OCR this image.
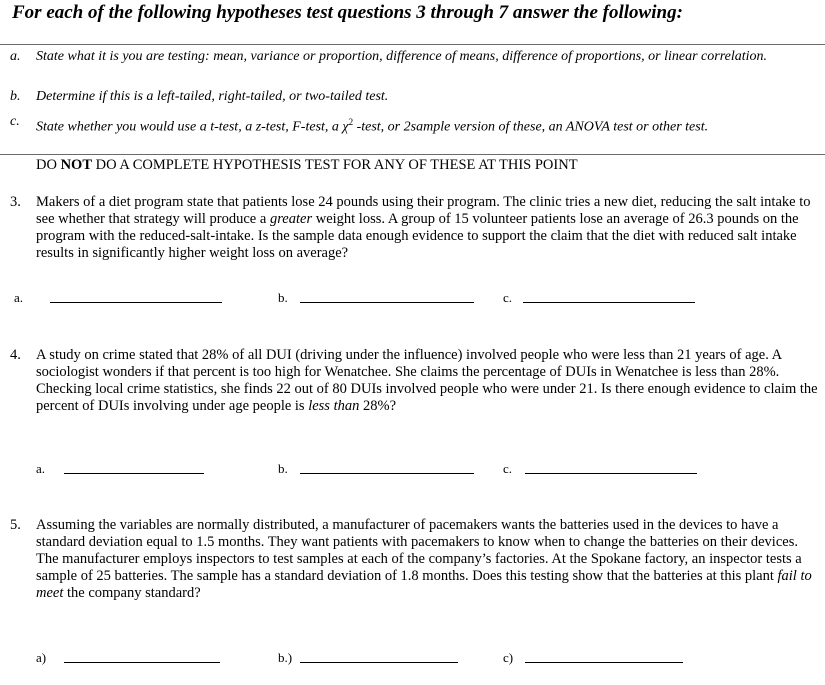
For each of the following hypotheses test questions 3 through 7 answer the following:
a. State what it is you are testing: mean, variance or proportion, difference of means, difference of proportions, or linear correlation.
b. Determine if this is a left-tailed, right-tailed, or two-tailed test.
c. State whether you would use a t-test, a z-test, F-test, a $\chi^2$ -test, or 2sample version of these, an ANOVA test or other test.
DO NOT DO A COMPLETE HYPOTHESIS TEST FOR ANY OF THESE AT THIS POINT
3. Makers of a diet program state that patients lose 24 pounds using their program. The clinic tries a new diet, reducing the salt intake to see whether that strategy will produce a greater weight loss. A group of 15 volunteer patients lose an average of 26.3 pounds on the program with the reduced-salt-intake. Is the sample data enough evidence to support the claim that the diet with reduced salt intake results in significantly higher weight loss on average?
a.	b.	c.
4. A study on crime stated that 28% of all DUI (driving under the influence) involved people who were less than 21 years of age. A sociologist wonders if that percent is too high for Wenatchee. She claims the percentage of DUIs in Wenatchee is less than 28%. Checking local crime statistics, she finds 22 out of 80 DUIs involved people who were under 21. Is there enough evidence to claim the percent of DUIs involving under age people is less than 28%?
a.	b.	c.
5. Assuming the variables are normally distributed, a manufacturer of pacemakers wants the batteries used in the devices to have a standard deviation equal to 1.5 months. They want patients with pacemakers to know when to change the batteries on their devices. The manufacturer employs inspectors to test samples at each of the company’s factories. At the Spokane factory, an inspector tests a sample of 25 batteries. The sample has a standard deviation of 1.8 months. Does this testing show that the batteries at this plant fail to meet the company standard?
a)	b.)	c)
